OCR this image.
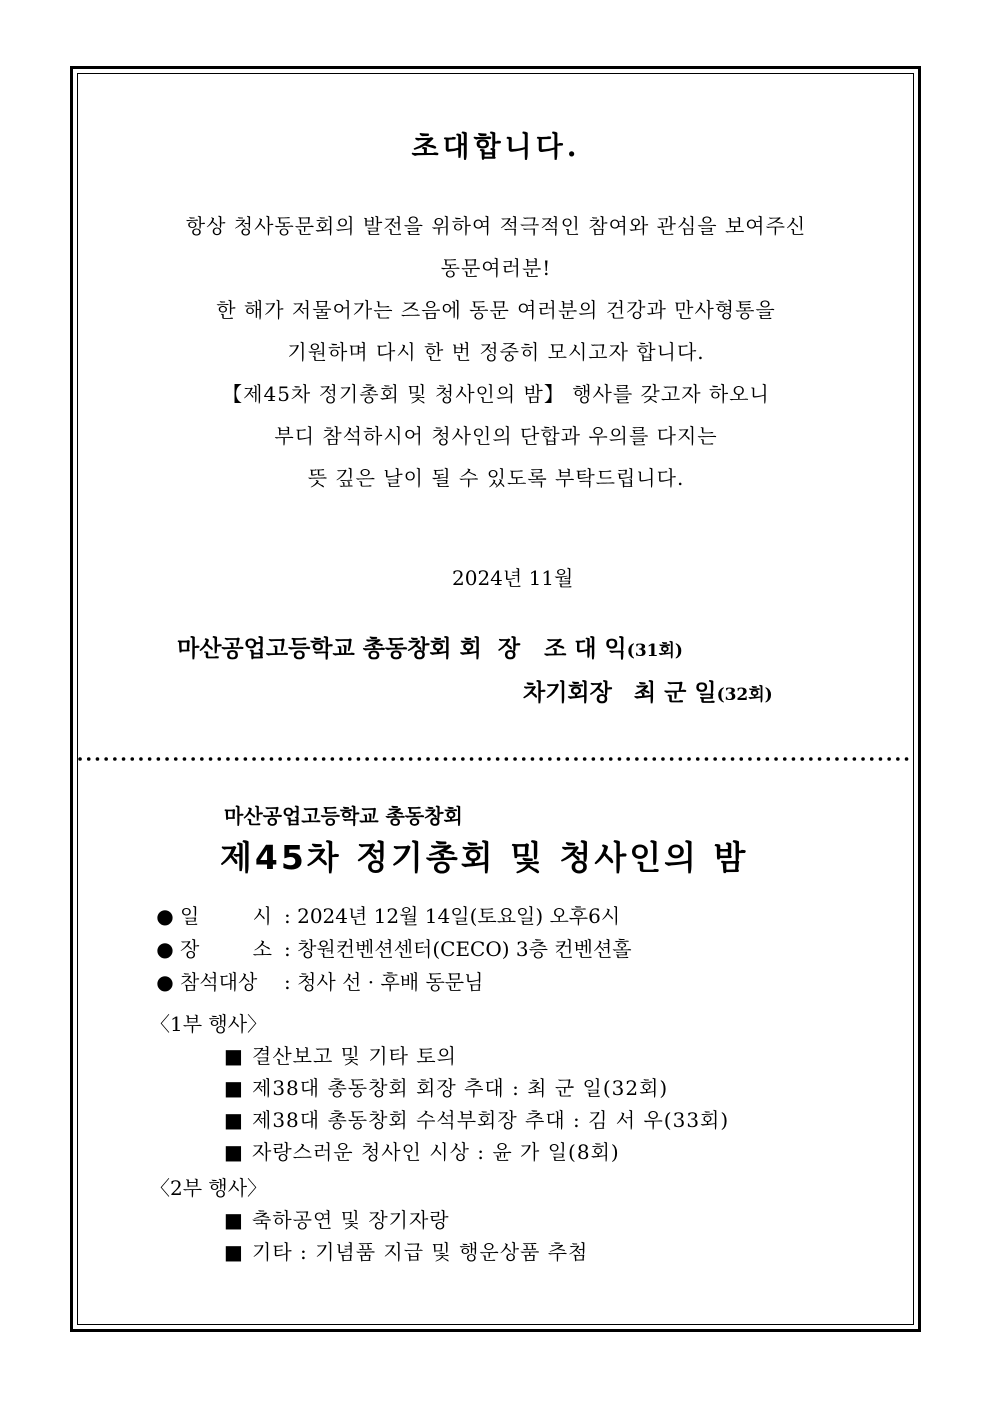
초대합니다.
항상 청사동문회의 발전을 위하여 적극적인 참여와 관심을 보여주신
동문여러분!
한 해가 저물어가는 즈음에 동문 여러분의 건강과 만사형통을
기원하며 다시 한 번 정중히 모시고자 합니다.
【제45차 정기총회 및 청사인의 밤】 행사를 갖고자 하오니
부디 참석하시어 청사인의 단합과 우의를 다지는
뜻 깊은 날이 될 수 있도록 부탁드립니다.
2024년 11월
마산공업고등학교 총동창회 회  장 조 대 익(31회)
차기회장 최 군 일(32회)
마산공업고등학교 총동창회
제45차 정기총회 및 청사인의 밤
● 일	시 : 2024년 12월 14일(토요일) 오후6시
● 장	소 : 창원컨벤션센터(CECO) 3층 컨벤션홀
● 참석대상	: 청사 선 · 후배 동문님
〈1부 행사〉
■ 결산보고 및 기타 토의
■ 제38대 총동창회 회장 추대 : 최 군 일(32회)
■ 제38대 총동창회 수석부회장 추대 : 김 서 우(33회)
■ 자랑스러운 청사인 시상 : 윤 가 일(8회)
〈2부 행사〉
■ 축하공연 및 장기자랑
■ 기타 : 기념품 지급 및 행운상품 추첨
